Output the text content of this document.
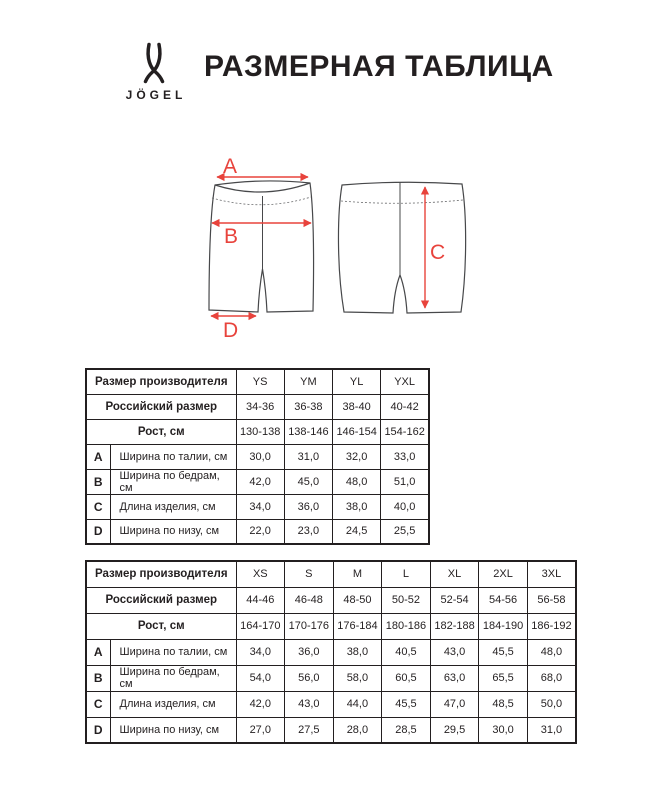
JÖGEL
РАЗМЕРНАЯ ТАБЛИЦА
A
B
D
C
Размер производителя		YS	YM	YL	YXL
Российский размер		34-36	36-38	38-40	40-42
Рост, см		130-138	138-146	146-154	154-162
A	Ширина по талии, см	30,0	31,0	32,0	33,0
B	Ширина по бедрам, см	42,0	45,0	48,0	51,0
C	Длина изделия, см	34,0	36,0	38,0	40,0
D	Ширина по низу, см	22,0	23,0	24,5	25,5
Размер производителя		XS	S	M	L	XL	2XL	3XL
Российский размер		44-46	46-48	48-50	50-52	52-54	54-56	56-58
Рост, см		164-170	170-176	176-184	180-186	182-188	184-190	186-192
A	Ширина по талии, см	34,0	36,0	38,0	40,5	43,0	45,5	48,0
B	Ширина по бедрам, см	54,0	56,0	58,0	60,5	63,0	65,5	68,0
C	Длина изделия, см	42,0	43,0	44,0	45,5	47,0	48,5	50,0
D	Ширина по низу, см	27,0	27,5	28,0	28,5	29,5	30,0	31,0
